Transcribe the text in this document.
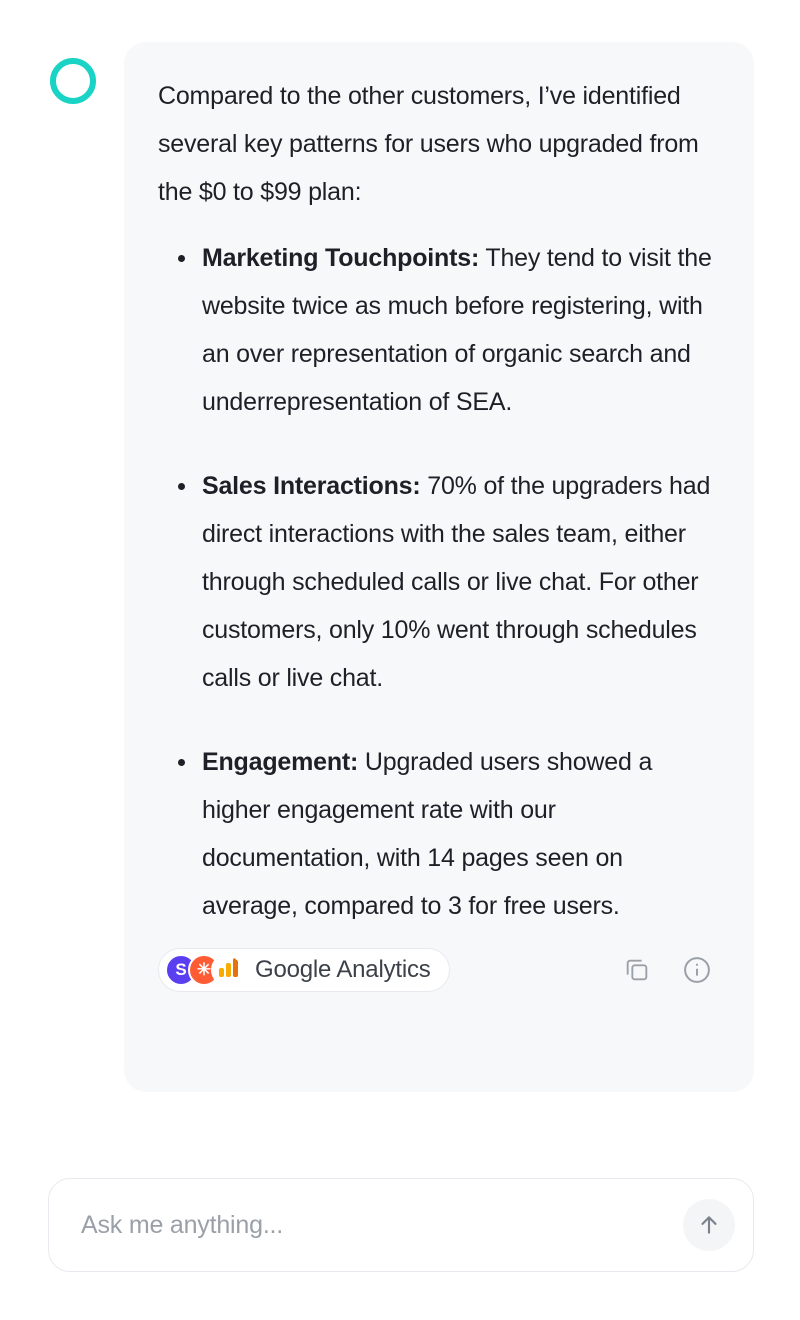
Compared to the other customers, I’ve identified several key patterns for users who upgraded from the $0 to $99 plan:

Marketing Touchpoints: They tend to visit the website twice as much before registering, with an over representation of organic search and underrepresentation of SEA.
Sales Interactions: 70% of the upgraders had direct interactions with the sales team, either through scheduled calls or live chat. For other customers, only 10% went through schedules calls or live chat.
Engagement: Upgraded users showed a higher engagement rate with our documentation, with 14 pages seen on average, compared to 3 for free users.
S ✳	Google Analytics
Ask me anything...
